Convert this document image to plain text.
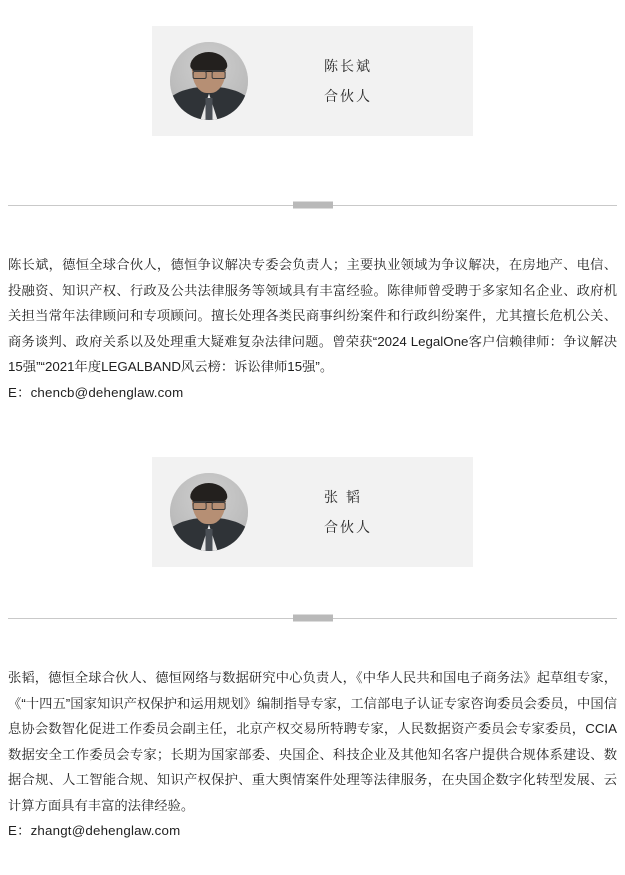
陈长斌
合伙人
陈长斌，德恒全球合伙人，德恒争议解决专委会负责人；主要执业领域为争议解决，在房地产、电信、投融资、知识产权、行政及公共法律服务等领域具有丰富经验。陈律师曾受聘于多家知名企业、政府机关担当常年法律顾问和专项顾问。擅长处理各类民商事纠纷案件和行政纠纷案件，尤其擅长危机公关、商务谈判、政府关系以及处理重大疑难复杂法律问题。曾荣获“2024 LegalOne客户信赖律师：争议解决15强”“2021年度LEGALBAND风云榜：诉讼律师15强”。
E：chencb@dehenglaw.com
张 韬
合伙人
张韬，德恒全球合伙人、德恒网络与数据研究中心负责人，《中华人民共和国电子商务法》起草组专家，《“十四五”国家知识产权保护和运用规划》编制指导专家，工信部电子认证专家咨询委员会委员，中国信息协会数智化促进工作委员会副主任，北京产权交易所特聘专家，人民数据资产委员会专家委员，CCIA数据安全工作委员会专家；长期为国家部委、央国企、科技企业及其他知名客户提供合规体系建设、数据合规、人工智能合规、知识产权保护、重大舆情案件处理等法律服务，在央国企数字化转型发展、云计算方面具有丰富的法律经验。
E：zhangt@dehenglaw.com
